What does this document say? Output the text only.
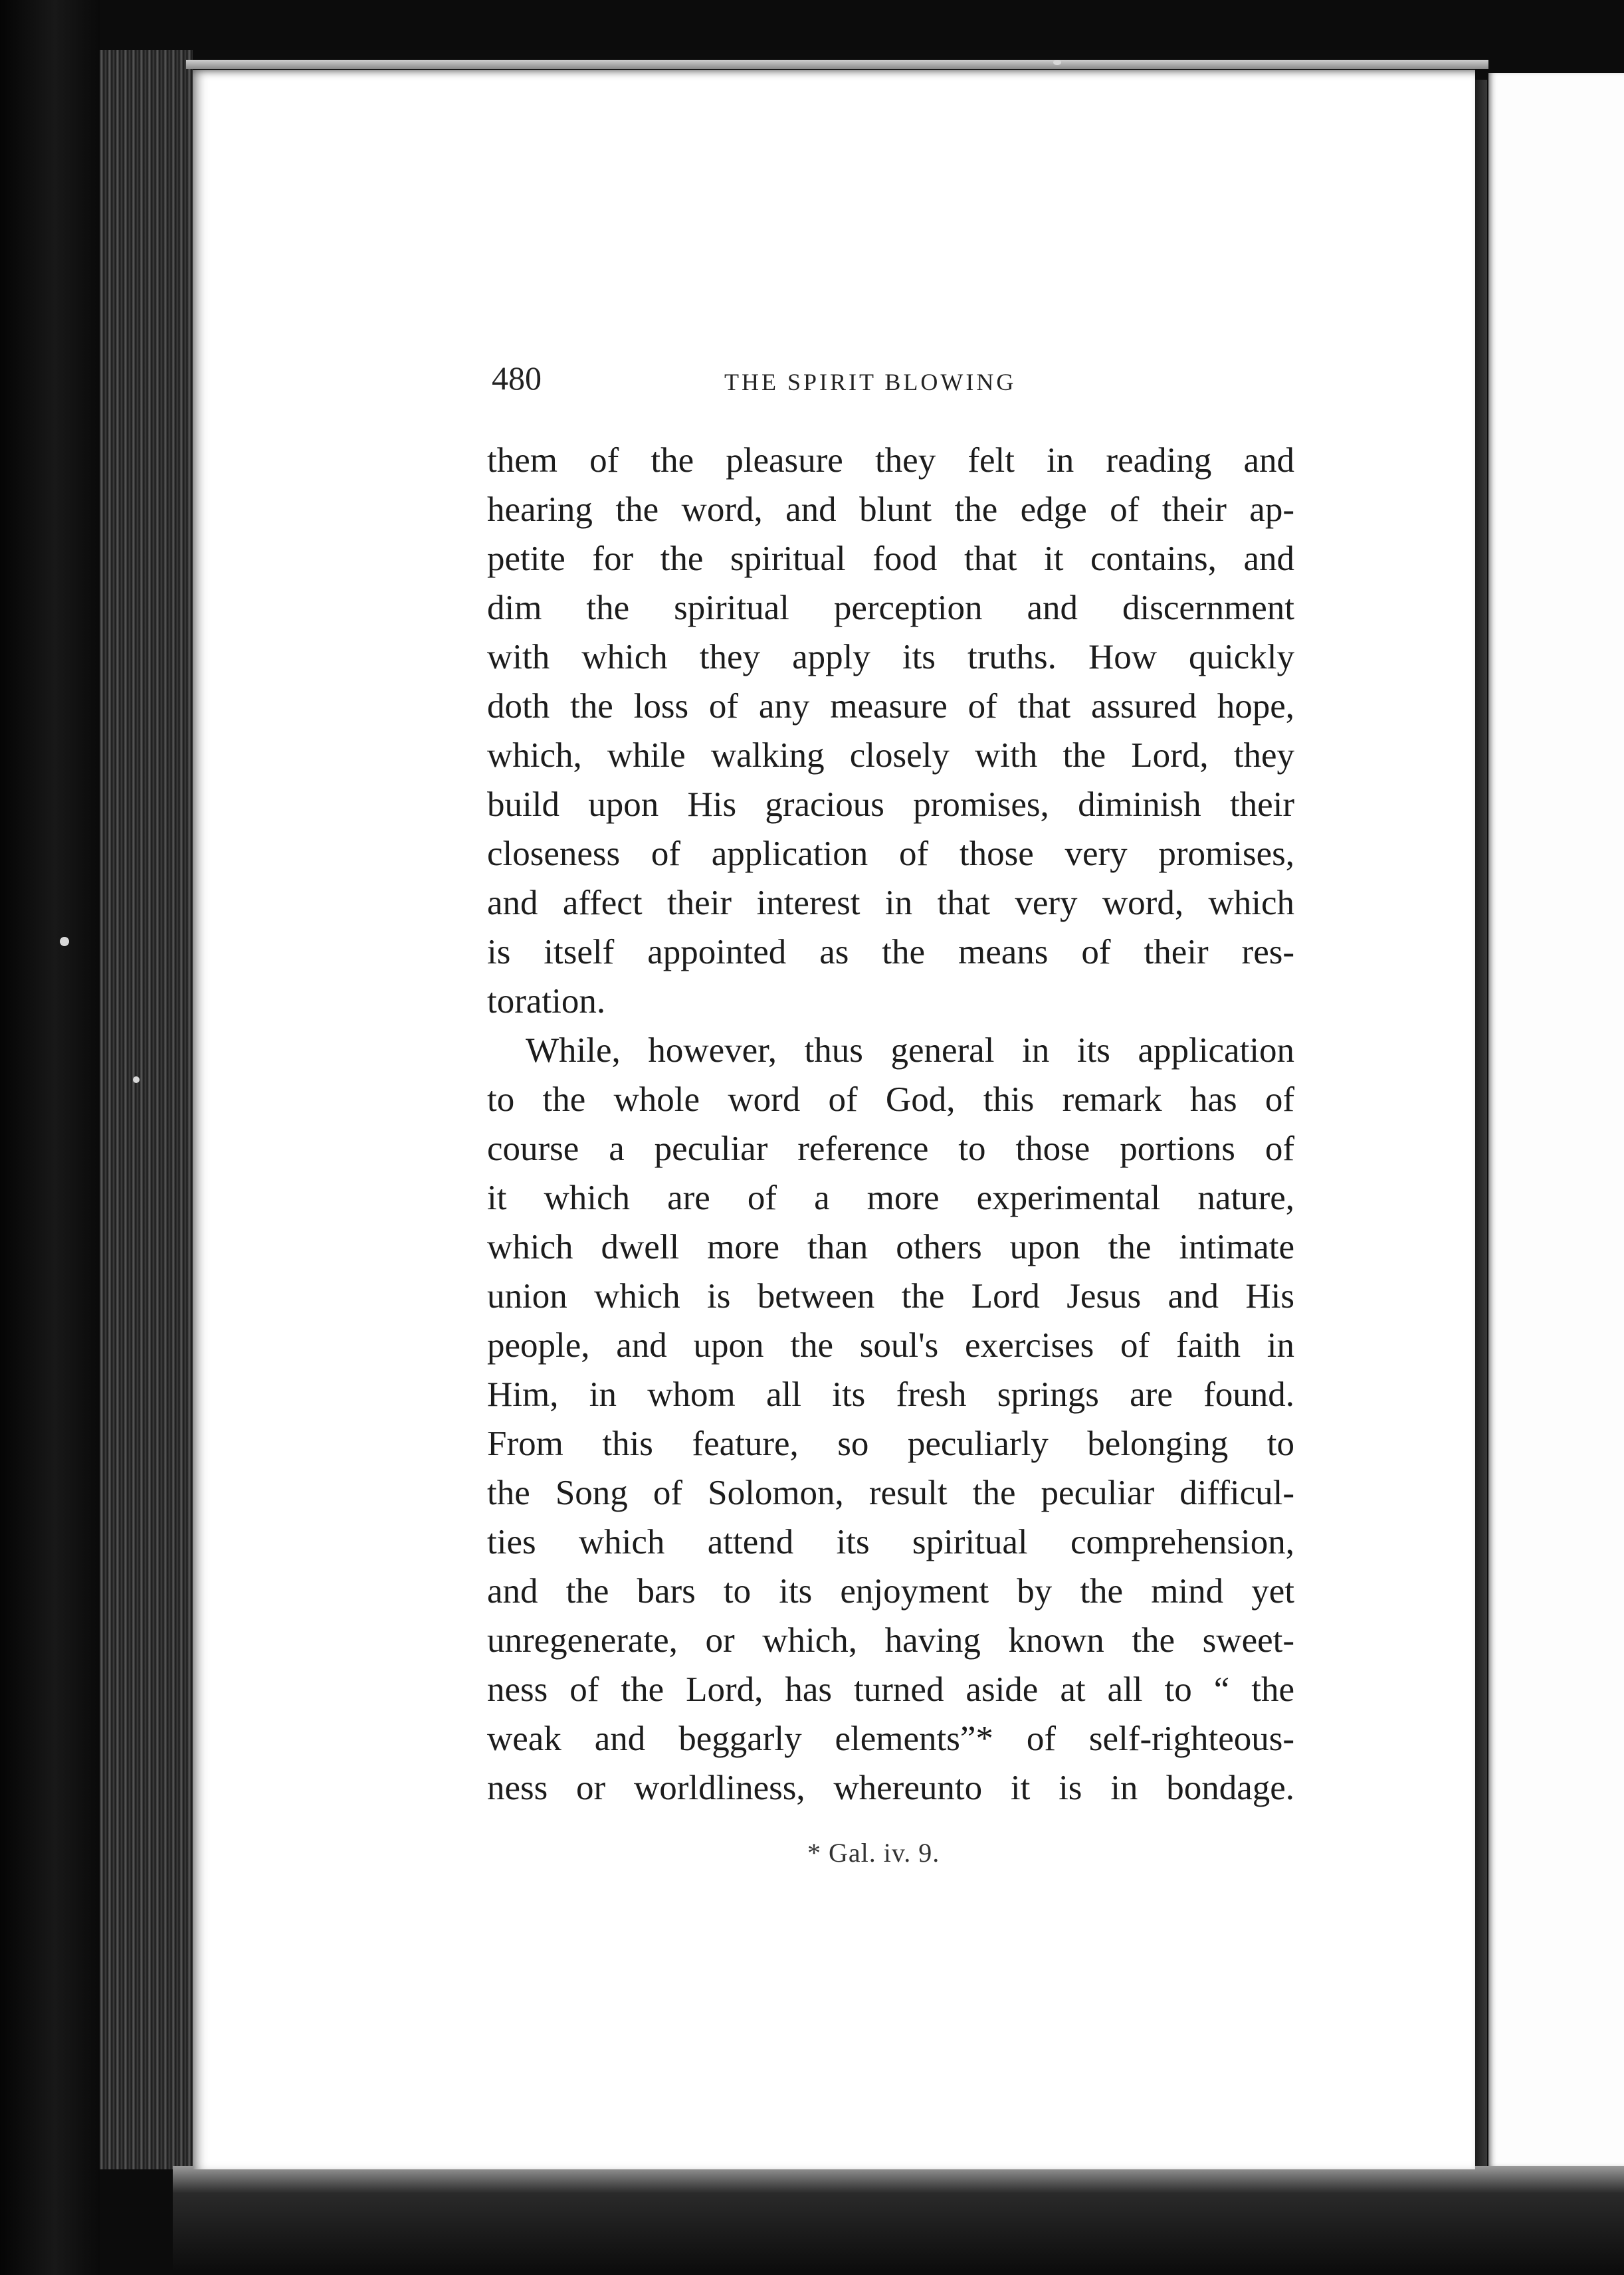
480	THE SPIRIT BLOWING
them of the pleasure they felt in reading and
hearing the word, and blunt the edge of their ap-
petite for the spiritual food that it contains, and
dim the spiritual perception and discernment
with which they apply its truths. How quickly
doth the loss of any measure of that assured hope,
which, while walking closely with the Lord, they
build upon His gracious promises, diminish their
closeness of application of those very promises,
and affect their interest in that very word, which
is itself appointed as the means of their res-
toration.
While, however, thus general in its application
to the whole word of God, this remark has of
course a peculiar reference to those portions of
it which are of a more experimental nature,
which dwell more than others upon the intimate
union which is between the Lord Jesus and His
people, and upon the soul's exercises of faith in
Him, in whom all its fresh springs are found.
From this feature, so peculiarly belonging to
the Song of Solomon, result the peculiar difficul-
ties which attend its spiritual comprehension,
and the bars to its enjoyment by the mind yet
unregenerate, or which, having known the sweet-
ness of the Lord, has turned aside at all to “ the
weak and beggarly elements”* of self-righteous-
ness or worldliness, whereunto it is in bondage.
* Gal. iv. 9.
